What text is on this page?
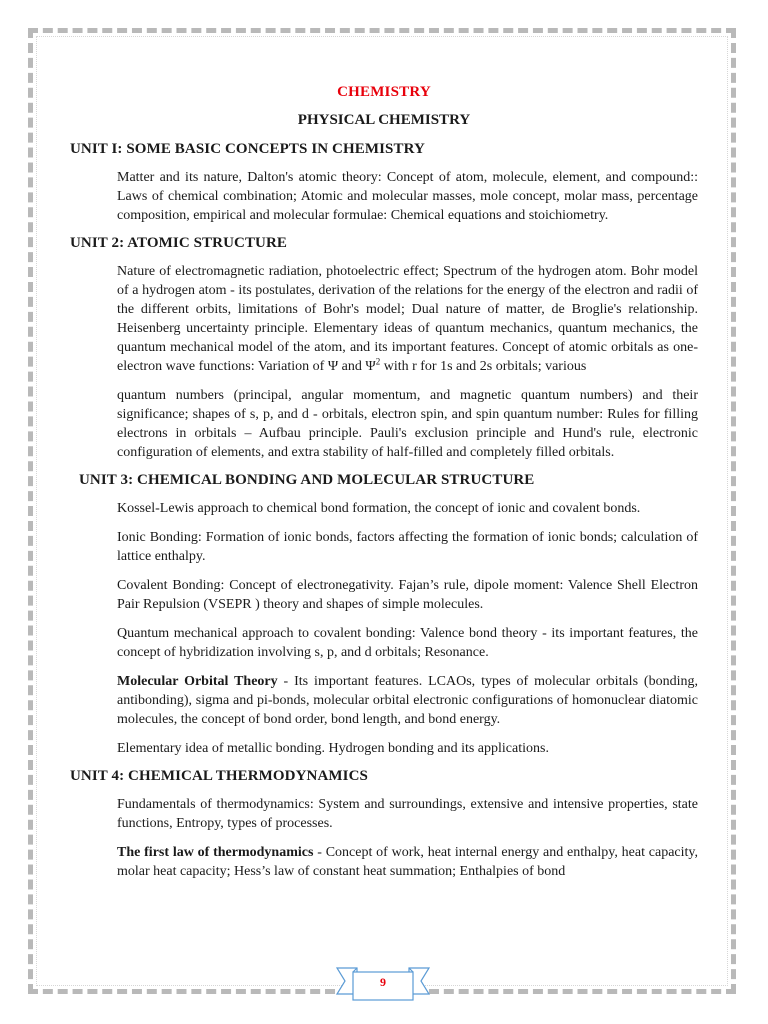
CHEMISTRY
PHYSICAL CHEMISTRY
UNIT I: SOME BASIC CONCEPTS IN CHEMISTRY

Matter and its nature, Dalton's atomic theory: Concept of atom, molecule, element, and compound:: Laws of chemical combination; Atomic and molecular masses, mole concept, molar mass, percentage composition, empirical and molecular formulae: Chemical equations and stoichiometry.

UNIT 2: ATOMIC STRUCTURE

Nature of electromagnetic radiation, photoelectric effect; Spectrum of the hydrogen atom. Bohr model of a hydrogen atom - its postulates, derivation of the relations for the energy of the electron and radii of the different orbits, limitations of Bohr's model; Dual nature of matter, de Broglie's relationship. Heisenberg uncertainty principle. Elementary ideas of quantum mechanics, quantum mechanics, the quantum mechanical model of the atom, and its important features. Concept of atomic orbitals as one-electron wave functions: Variation of Ψ and $\Psi^2$ with r for 1s and 2s orbitals; various

quantum numbers (principal, angular momentum, and magnetic quantum numbers) and their significance; shapes of s, p, and d - orbitals, electron spin, and spin quantum number: Rules for filling electrons in orbitals – Aufbau principle. Pauli's exclusion principle and Hund's rule, electronic configuration of elements, and extra stability of half-filled and completely filled orbitals.

UNIT 3: CHEMICAL BONDING AND MOLECULAR STRUCTURE

Kossel-Lewis approach to chemical bond formation, the concept of ionic and covalent bonds.

Ionic Bonding: Formation of ionic bonds, factors affecting the formation of ionic bonds; calculation of lattice enthalpy.

Covalent Bonding: Concept of electronegativity. Fajan’s rule, dipole moment: Valence Shell Electron Pair Repulsion (VSEPR ) theory and shapes of simple molecules.

Quantum mechanical approach to covalent bonding: Valence bond theory - its important features, the concept of hybridization involving s, p, and d orbitals; Resonance.

Molecular Orbital Theory - Its important features. LCAOs, types of molecular orbitals (bonding, antibonding), sigma and pi-bonds, molecular orbital electronic configurations of homonuclear diatomic molecules, the concept of bond order, bond length, and bond energy.

Elementary idea of metallic bonding. Hydrogen bonding and its applications.

UNIT 4: CHEMICAL THERMODYNAMICS

Fundamentals of thermodynamics: System and surroundings, extensive and intensive properties, state functions, Entropy, types of processes.

The first law of thermodynamics - Concept of work, heat internal energy and enthalpy, heat capacity, molar heat capacity; Hess’s law of constant heat summation; Enthalpies of bond

9
